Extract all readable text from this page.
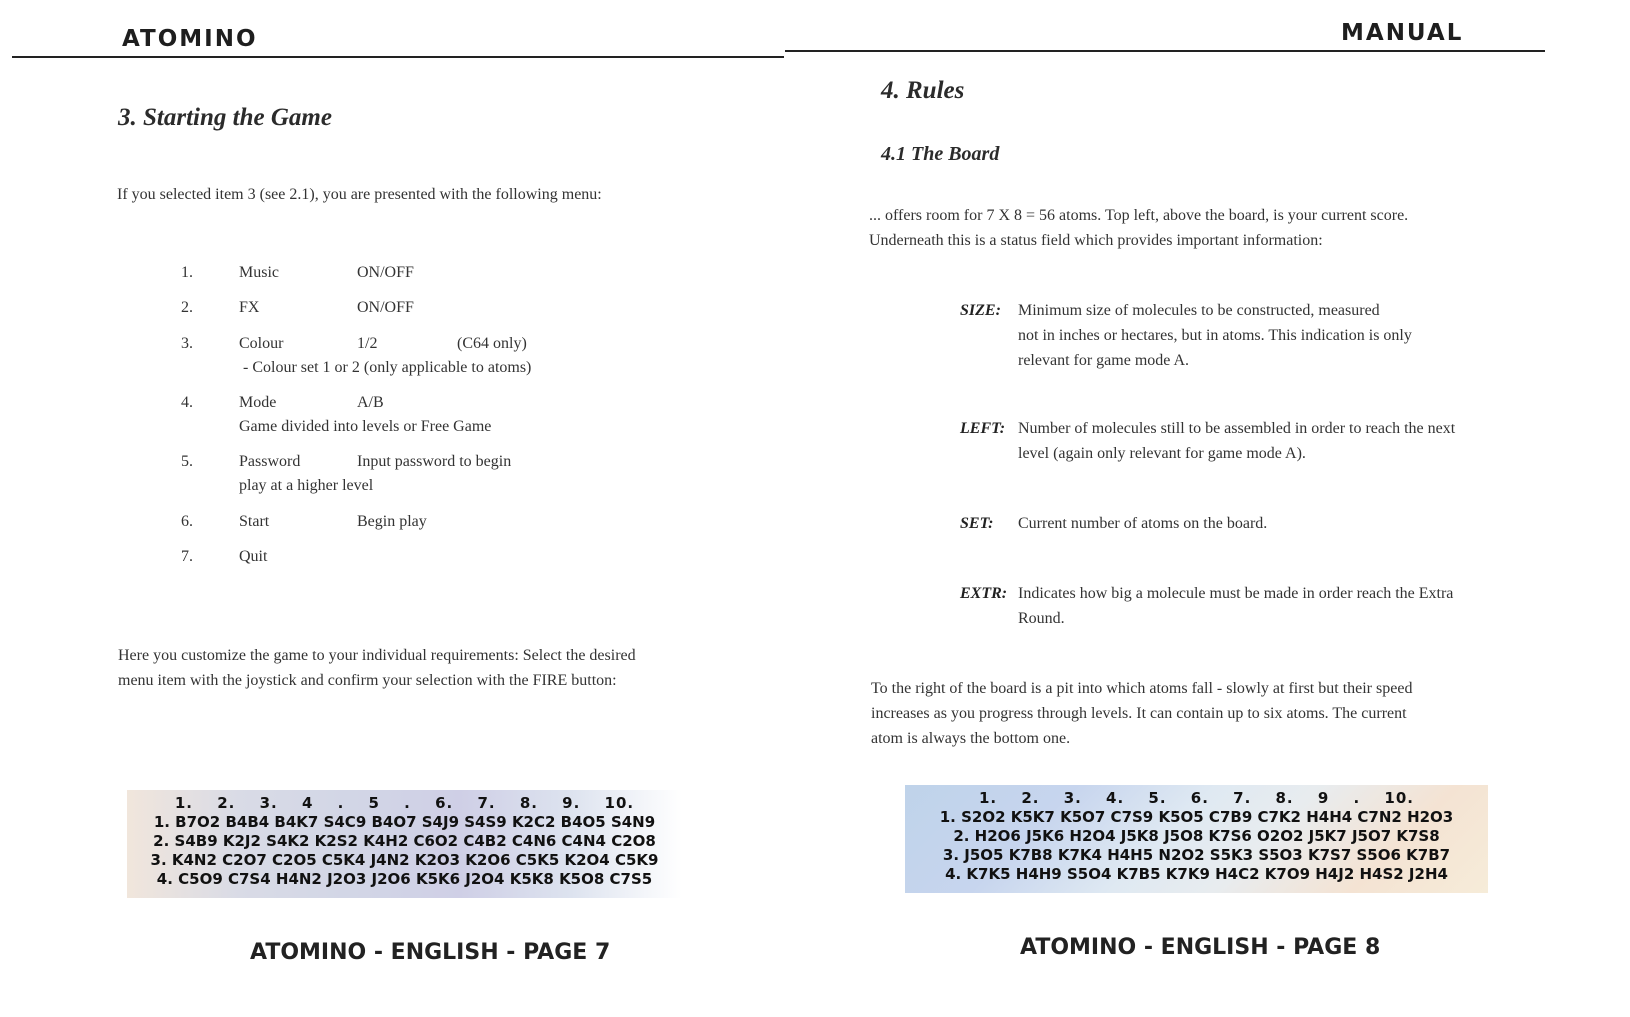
ATOMINO
3. Starting the Game
If you selected item 3 (see 2.1), you are presented with the following menu:
1.	Music	ON/OFF
2.	FX	ON/OFF
3.	Colour	1/2	(C64 only)
- Colour set 1 or 2 (only applicable to atoms)
4.	Mode	A/B
Game divided into levels or Free Game
5.	Password	Input password to begin
play at a higher level
6.	Start	Begin play
7.	Quit
Here you customize the game to your individual requirements: Select the desired
menu item with the joystick and confirm your selection with the FIRE button:
1. 2. 3. 4 . 5 . 6. 7. 8. 9. 10.
1. B7O2 B4B4 B4K7 S4C9 B4O7 S4J9 S4S9 K2C2 B4O5 S4N9
2. S4B9 K2J2 S4K2 K2S2 K4H2 C6O2 C4B2 C4N6 C4N4 C2O8
3. K4N2 C2O7 C2O5 C5K4 J4N2 K2O3 K2O6 C5K5 K2O4 C5K9
4. C5O9 C7S4 H4N2 J2O3 J2O6 K5K6 J2O4 K5K8 K5O8 C7S5
ATOMINO - ENGLISH - PAGE 7
MANUAL
4. Rules
4.1 The Board
... offers room for 7 X 8 = 56 atoms. Top left, above the board, is your current score.
Underneath this is a status field which provides important information:
SIZE: Minimum size of molecules to be constructed, measured
not in inches or hectares, but in atoms. This indication is only
relevant for game mode A.
LEFT: Number of molecules still to be assembled in order to reach the next
level (again only relevant for game mode A).
SET: Current number of atoms on the board.
EXTR: Indicates how big a molecule must be made in order reach the Extra
Round.
To the right of the board is a pit into which atoms fall - slowly at first but their speed
increases as you progress through levels. It can contain up to six atoms. The current
atom is always the bottom one.
1. 2. 3. 4. 5. 6. 7. 8. 9 . 10.
1. S2O2 K5K7 K5O7 C7S9 K5O5 C7B9 C7K2 H4H4 C7N2 H2O3
2. H2O6 J5K6 H2O4 J5K8 J5O8 K7S6 O2O2 J5K7 J5O7 K7S8
3. J5O5 K7B8 K7K4 H4H5 N2O2 S5K3 S5O3 K7S7 S5O6 K7B7
4. K7K5 H4H9 S5O4 K7B5 K7K9 H4C2 K7O9 H4J2 H4S2 J2H4
ATOMINO - ENGLISH - PAGE 8
